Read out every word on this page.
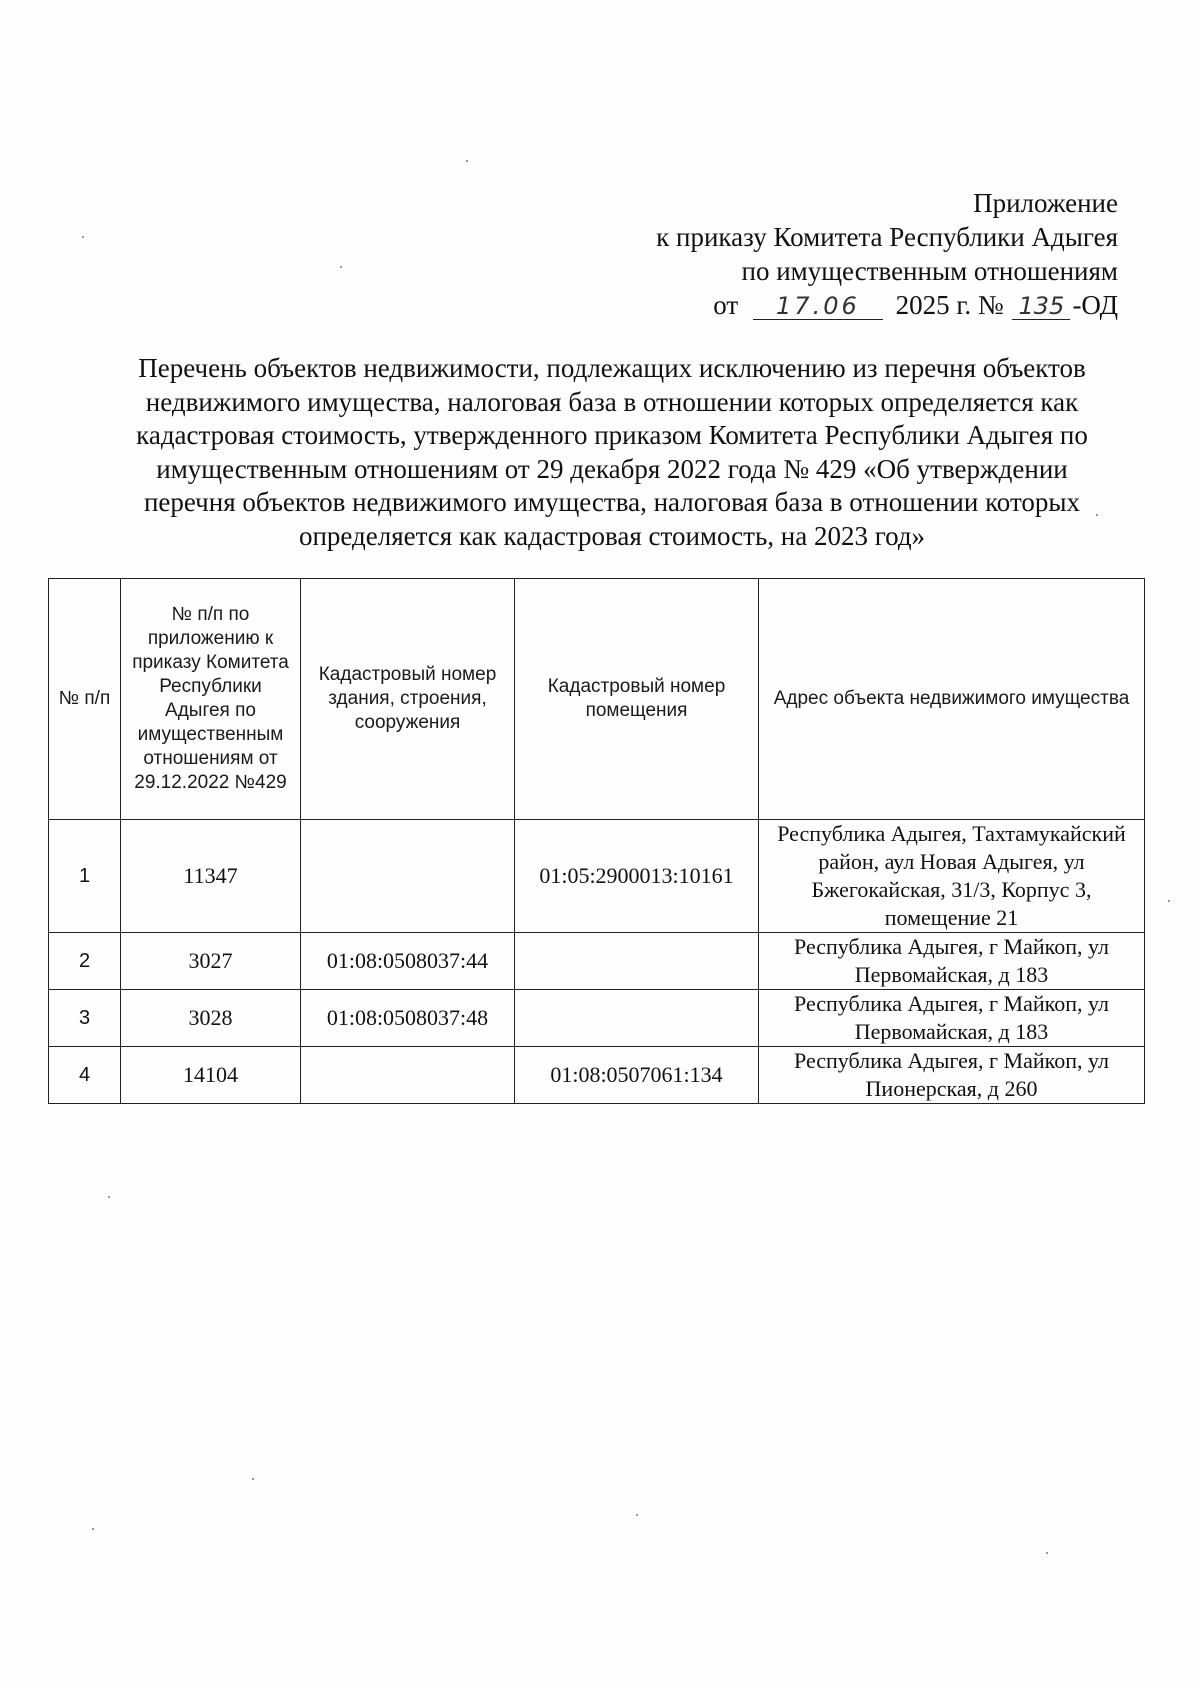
Приложение
к приказу Комитета Республики Адыгея
по имущественным отношениям
от 17.06 2025 г. № 135 -ОД
Перечень объектов недвижимости, подлежащих исключению из перечня объектов
недвижимого имущества, налоговая база в отношении которых определяется как
кадастровая стоимость, утвержденного приказом Комитета Республики Адыгея по
имущественным отношениям от 29 декабря 2022 года № 429 «Об утверждении
перечня объектов недвижимого имущества, налоговая база в отношении которых
определяется как кадастровая стоимость, на 2023 год»
№ п/п	№ п/п по приложению к приказу Комитета Республики Адыгея по имущественным отношениям от 29.12.2022 №429	Кадастровый номер здания, строения, сооружения	Кадастровый номер помещения	Адрес объекта недвижимого имущества
1	11347		01:05:2900013:10161	Республика Адыгея, Тахтамукайский район, аул Новая Адыгея, ул Бжегокайская, 31/3, Корпус 3, помещение 21
2	3027	01:08:0508037:44		Республика Адыгея, г Майкоп, ул Первомайская, д 183
3	3028	01:08:0508037:48		Республика Адыгея, г Майкоп, ул Первомайская, д 183
4	14104		01:08:0507061:134	Республика Адыгея, г Майкоп, ул Пионерская, д 260
